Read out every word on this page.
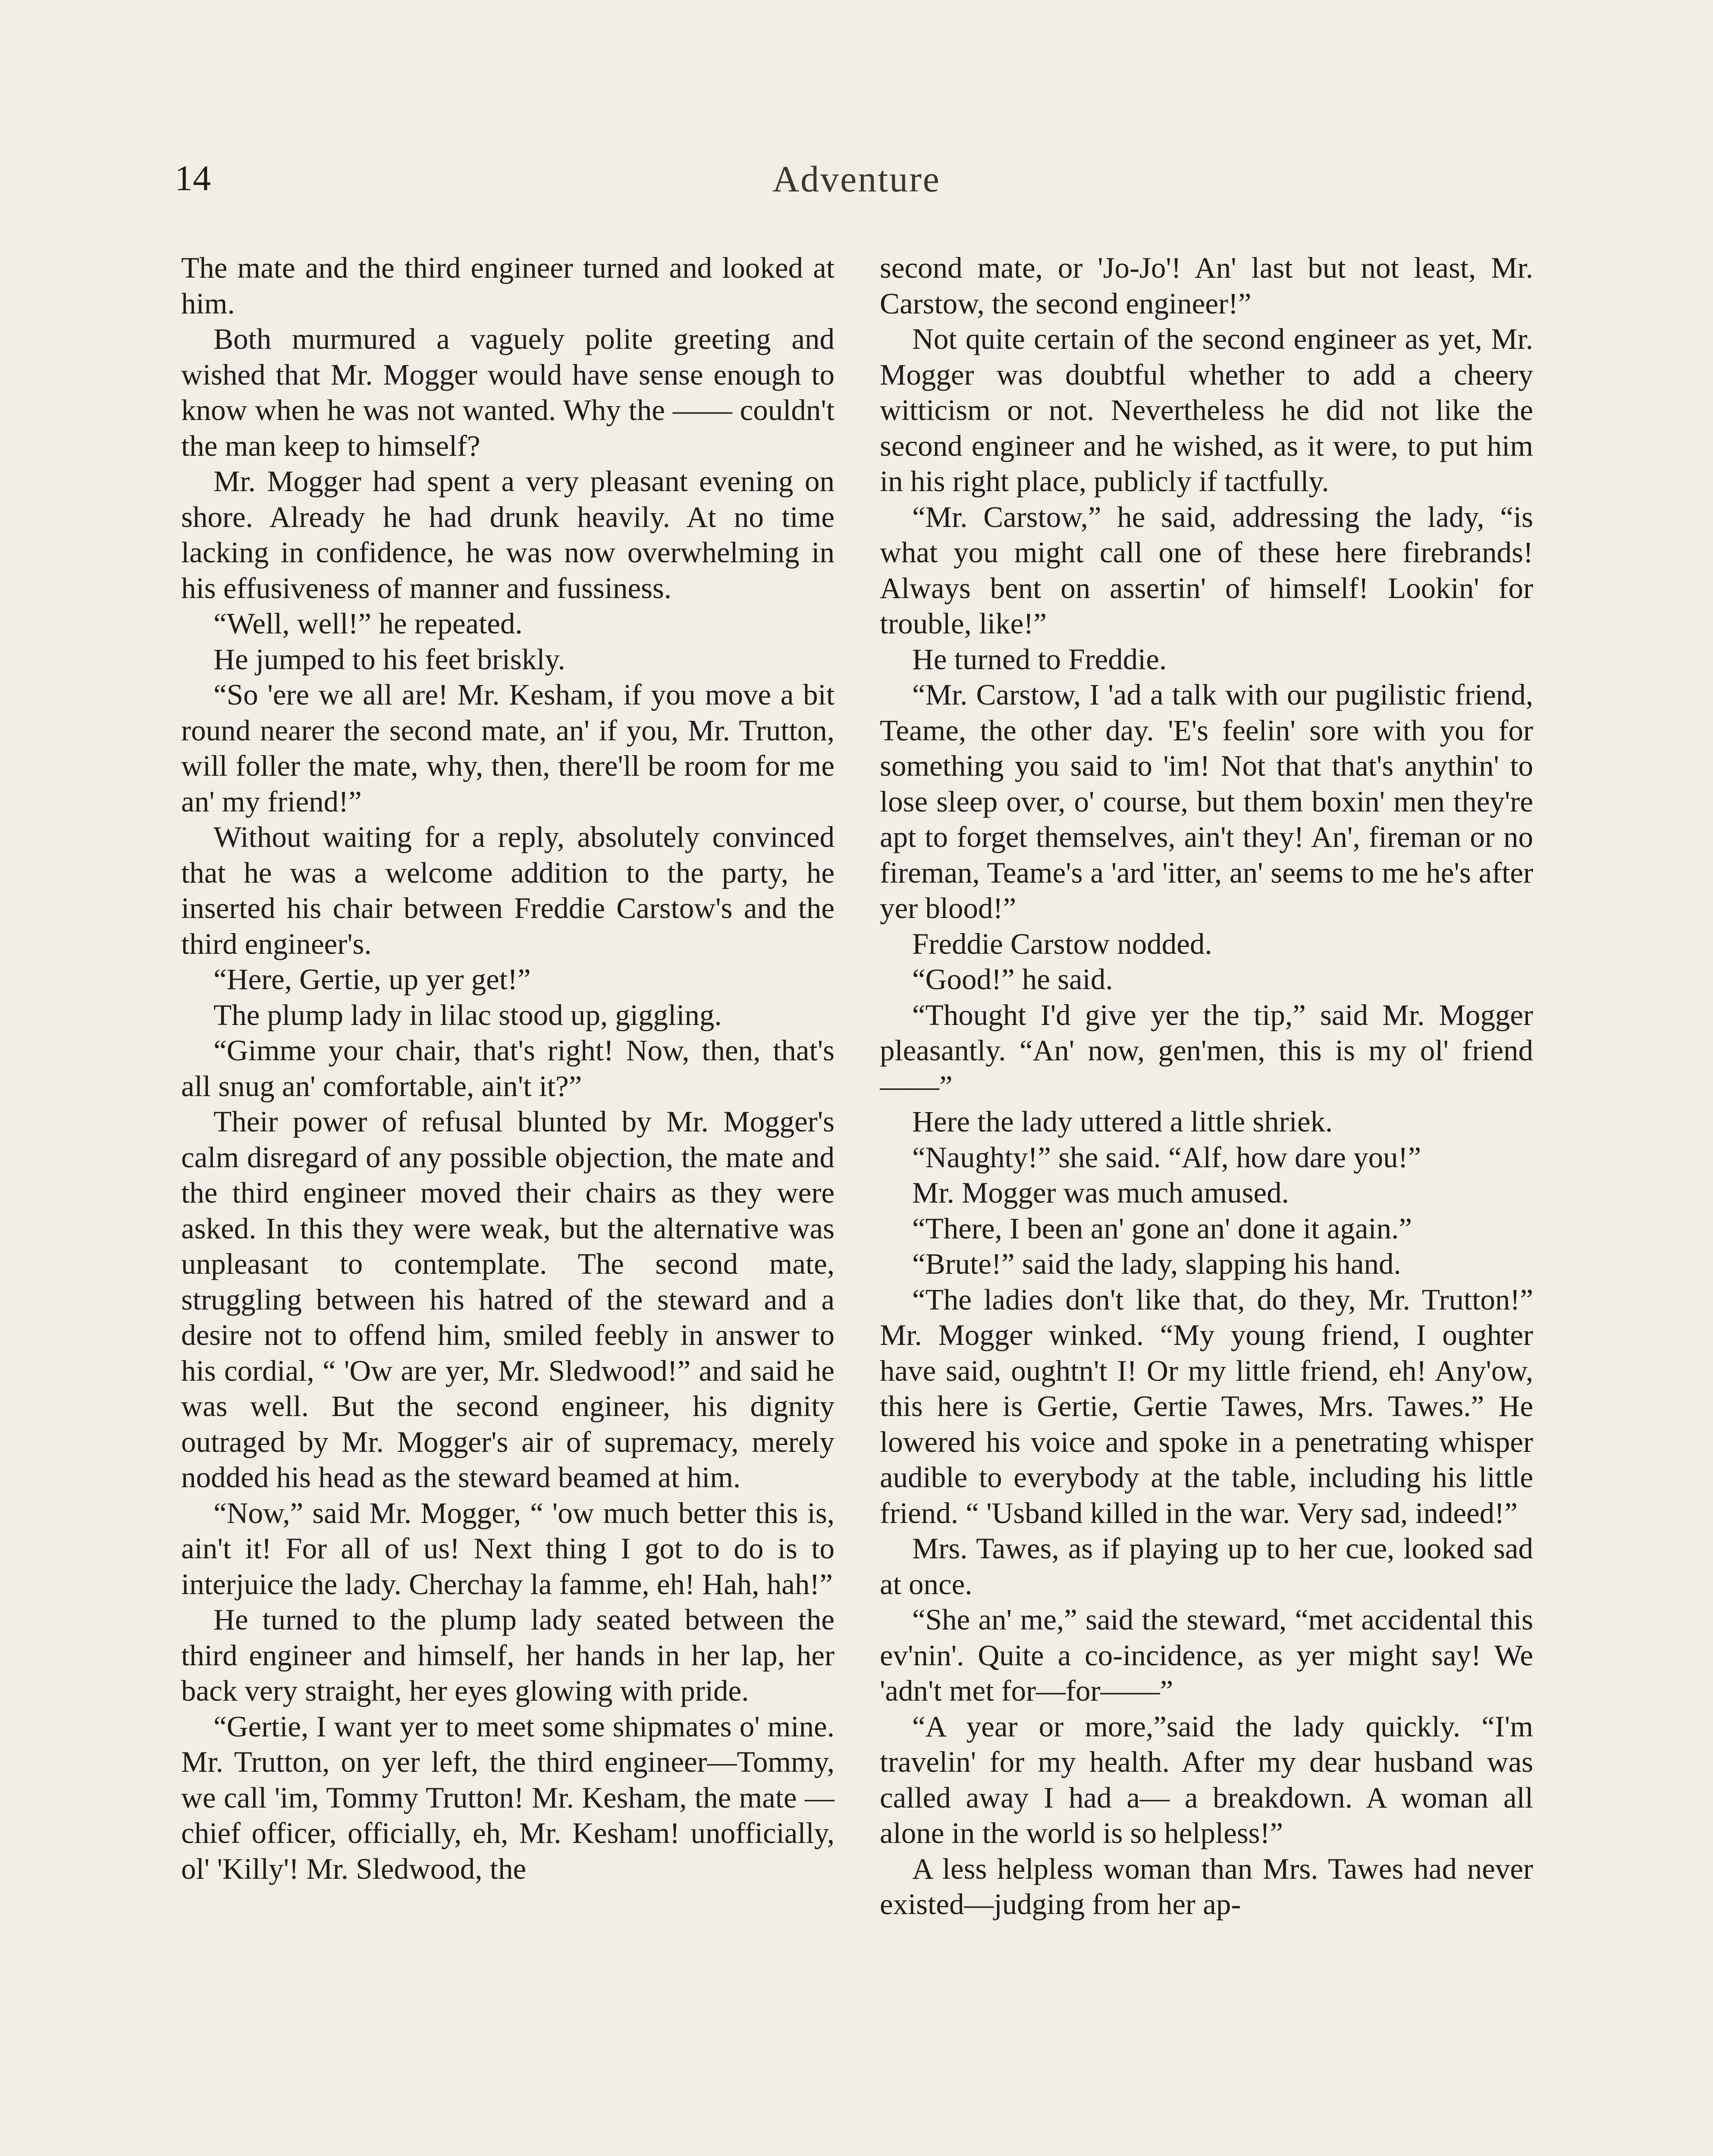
14	Adventure

The mate and the third engineer turned and looked at him.

Both murmured a vaguely polite greeting and wished that Mr. Mogger would have sense enough to know when he was not wanted. Why the —— couldn't the man keep to himself?

Mr. Mogger had spent a very pleasant evening on shore. Already he had drunk heavily. At no time lacking in confidence, he was now overwhelming in his effusiveness of manner and fussiness.

“Well, well!” he repeated.

He jumped to his feet briskly.

“So 'ere we all are! Mr. Kesham, if you move a bit round nearer the second mate, an' if you, Mr. Trutton, will foller the mate, why, then, there'll be room for me an' my friend!”

Without waiting for a reply, absolutely convinced that he was a welcome addition to the party, he inserted his chair between Freddie Carstow's and the third engineer's.

“Here, Gertie, up yer get!”

The plump lady in lilac stood up, giggling.

“Gimme your chair, that's right! Now, then, that's all snug an' comfortable, ain't it?”

Their power of refusal blunted by Mr. Mogger's calm disregard of any possible objection, the mate and the third engineer moved their chairs as they were asked. In this they were weak, but the alternative was unpleasant to contemplate. The second mate, struggling between his hatred of the steward and a desire not to offend him, smiled feebly in answer to his cordial, “ 'Ow are yer, Mr. Sledwood!” and said he was well. But the second engineer, his dignity outraged by Mr. Mogger's air of supremacy, merely nodded his head as the steward beamed at him.

“Now,” said Mr. Mogger, “ 'ow much better this is, ain't it! For all of us! Next thing I got to do is to interjuice the lady. Cherchay la famme, eh! Hah, hah!”

He turned to the plump lady seated between the third engineer and himself, her hands in her lap, her back very straight, her eyes glowing with pride.

“Gertie, I want yer to meet some shipmates o' mine. Mr. Trutton, on yer left, the third engineer—Tommy, we call 'im, Tommy Trutton! Mr. Kesham, the mate —chief officer, officially, eh, Mr. Kesham! unofficially, ol' 'Killy'! Mr. Sledwood, the

second mate, or 'Jo-Jo'! An' last but not least, Mr. Carstow, the second engineer!”

Not quite certain of the second engineer as yet, Mr. Mogger was doubtful whether to add a cheery witticism or not. Nevertheless he did not like the second engineer and he wished, as it were, to put him in his right place, publicly if tactfully.

“Mr. Carstow,” he said, addressing the lady, “is what you might call one of these here firebrands! Always bent on assertin' of himself! Lookin' for trouble, like!”

He turned to Freddie.

“Mr. Carstow, I 'ad a talk with our pugilistic friend, Teame, the other day. 'E's feelin' sore with you for something you said to 'im! Not that that's anythin' to lose sleep over, o' course, but them boxin' men they're apt to forget themselves, ain't they! An', fireman or no fireman, Teame's a 'ard 'itter, an' seems to me he's after yer blood!”

Freddie Carstow nodded.

“Good!” he said.

“Thought I'd give yer the tip,” said Mr. Mogger pleasantly. “An' now, gen'men, this is my ol' friend——”

Here the lady uttered a little shriek.

“Naughty!” she said. “Alf, how dare you!”

Mr. Mogger was much amused.

“There, I been an' gone an' done it again.”

“Brute!” said the lady, slapping his hand.

“The ladies don't like that, do they, Mr. Trutton!” Mr. Mogger winked. “My young friend, I oughter have said, oughtn't I! Or my little friend, eh! Any'ow, this here is Gertie, Gertie Tawes, Mrs. Tawes.” He lowered his voice and spoke in a penetrating whisper audible to everybody at the table, including his little friend. “ 'Usband killed in the war. Very sad, indeed!”

Mrs. Tawes, as if playing up to her cue, looked sad at once.

“She an' me,” said the steward, “met accidental this ev'nin'. Quite a co-incidence, as yer might say! We 'adn't met for—for——”

“A year or more,”said the lady quickly. “I'm travelin' for my health. After my dear husband was called away I had a— a breakdown. A woman all alone in the world is so helpless!”

A less helpless woman than Mrs. Tawes had never existed—judging from her ap-
